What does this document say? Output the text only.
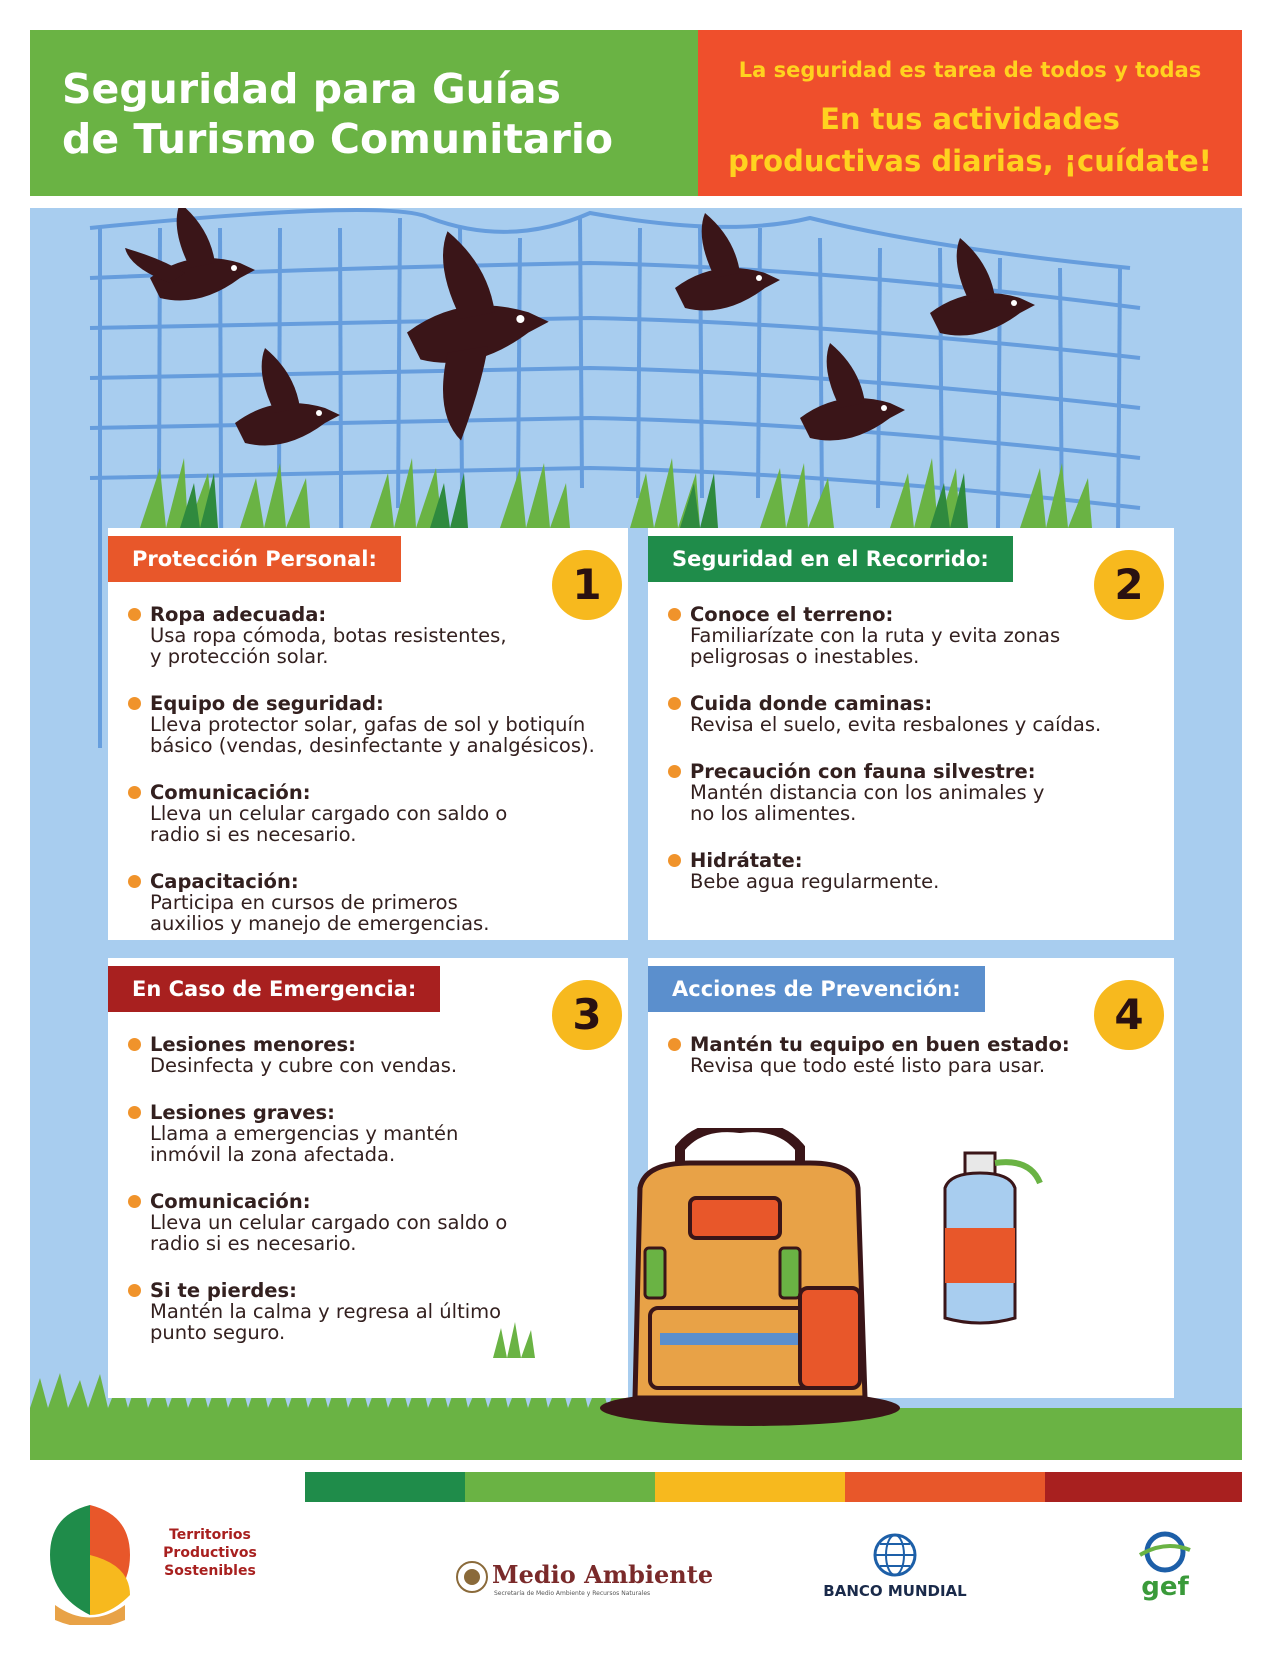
Seguridad para Guías
de Turismo Comunitario
La seguridad es tarea de todos y todas
En tus actividades
productivas diarias, ¡cuídate!
Protección Personal:
1
Ropa adecuada:
Usa ropa cómoda, botas resistentes,
y protección solar.
Equipo de seguridad:
Lleva protector solar, gafas de sol y botiquín
básico (vendas, desinfectante y analgésicos).
Comunicación:
Lleva un celular cargado con saldo o
radio si es necesario.
Capacitación:
Participa en cursos de primeros
auxilios y manejo de emergencias.
Seguridad en el Recorrido:
2
Conoce el terreno:
Familiarízate con la ruta y evita zonas
peligrosas o inestables.
Cuida donde caminas:
Revisa el suelo, evita resbalones y caídas.
Precaución con fauna silvestre:
Mantén distancia con los animales y
no los alimentes.
Hidrátate:
Bebe agua regularmente.
En Caso de Emergencia:
3
Lesiones menores:
Desinfecta y cubre con vendas.
Lesiones graves:
Llama a emergencias y mantén
inmóvil la zona afectada.
Comunicación:
Lleva un celular cargado con saldo o
radio si es necesario.
Si te pierdes:
Mantén la calma y regresa al último
punto seguro.
Acciones de Prevención:
4
Mantén tu equipo en buen estado:
Revisa que todo esté listo para usar.
Territorios
Productivos
Sostenibles	Medio Ambiente
Secretaría de Medio Ambiente y Recursos Naturales	BANCO MUNDIAL	gef
